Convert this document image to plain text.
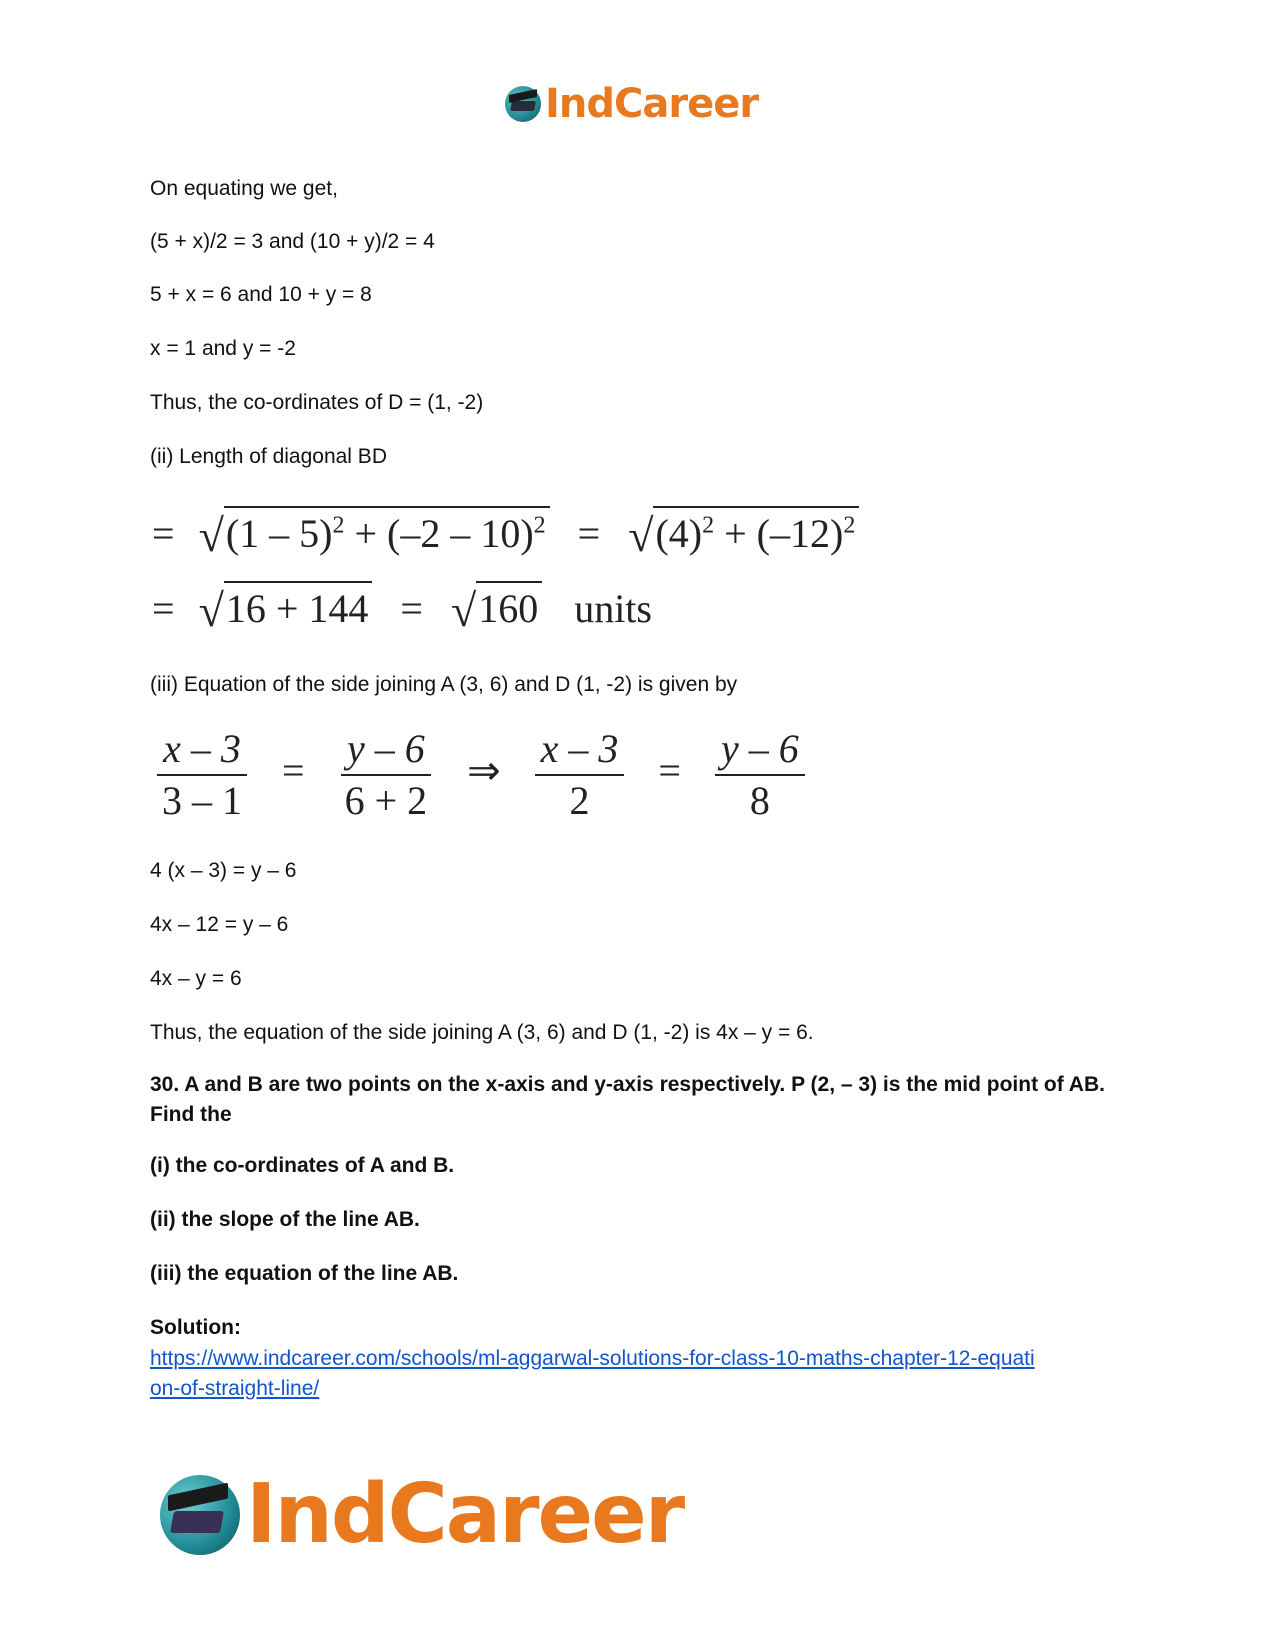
IndCareer
On equating we get,
(5 + x)/2 = 3 and (10 + y)/2 = 4
5 + x = 6 and 10 + y = 8
x = 1 and y = -2
Thus, the co-ordinates of D = (1, -2)
(ii) Length of diagonal BD
= $√(1 - 5)^2 + (-2 - 10)^2 = √(4)^2 + (-12)^2$
= √16 + 144 = √160 units
(iii) Equation of the side joining A (3, 6) and D (1, -2) is given by
$\frac{x - 3}{3 - 1} = \frac{y - 6}{6 + 2}$ ⇒ $\frac{x - 3}{2} = \frac{y - 6}{8}$
4 (x – 3) = y – 6
4x – 12 = y – 6
4x – y = 6
Thus, the equation of the side joining A (3, 6) and D (1, -2) is 4x – y = 6.
30. A and B are two points on the x-axis and y-axis respectively. P (2, – 3) is the mid point of AB. Find the
(i) the co-ordinates of A and B.
(ii) the slope of the line AB.
(iii) the equation of the line AB.
Solution:
https://www.indcareer.com/schools/ml-aggarwal-solutions-for-class-10-maths-chapter-12-equati
on-of-straight-line/
IndCareer
